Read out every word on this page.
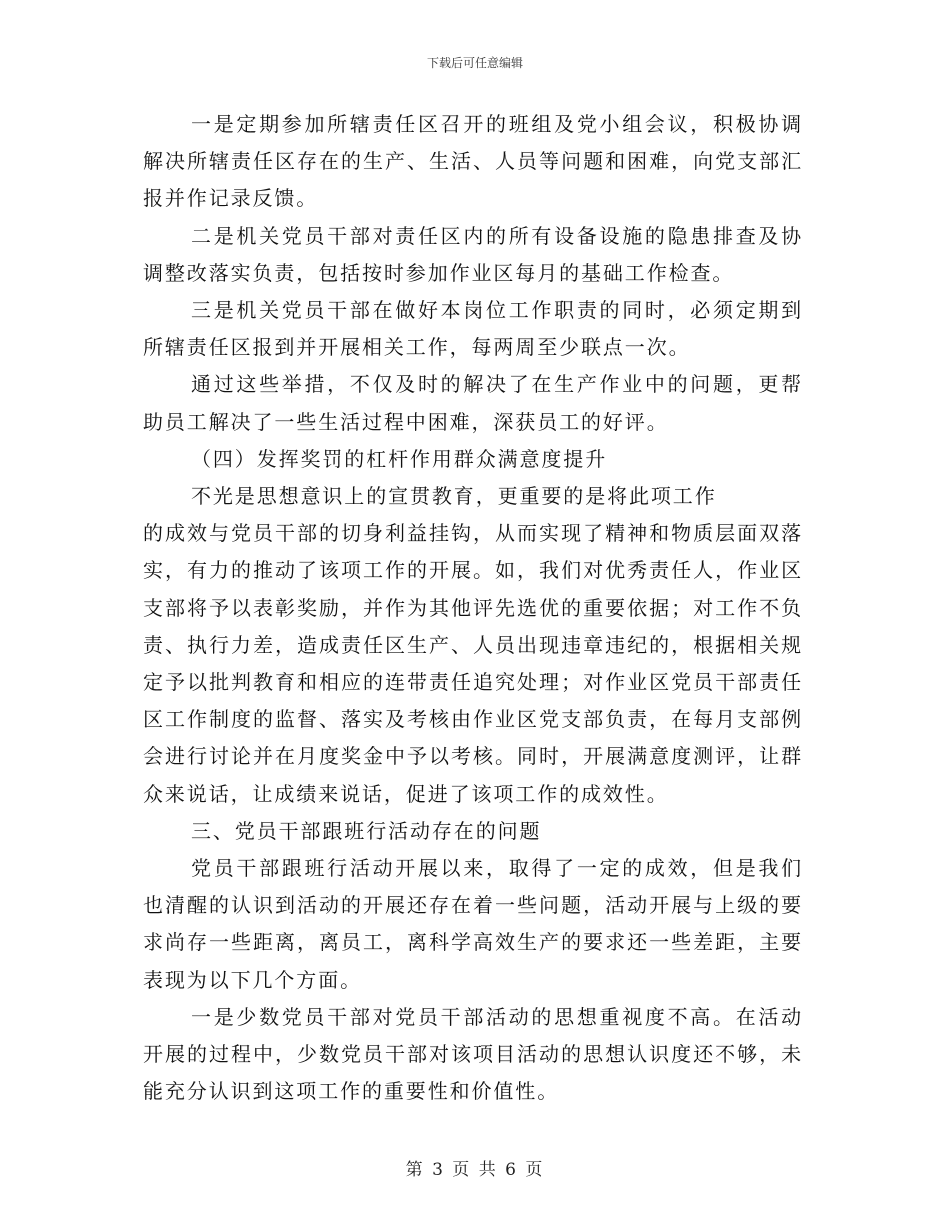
下载后可任意编辑

一是定期参加所辖责任区召开的班组及党小组会议，积极协调解决所辖责任区存在的生产、生活、人员等问题和困难，向党支部汇报并作记录反馈。

二是机关党员干部对责任区内的所有设备设施的隐患排查及协调整改落实负责，包括按时参加作业区每月的基础工作检查。

三是机关党员干部在做好本岗位工作职责的同时，必须定期到所辖责任区报到并开展相关工作，每两周至少联点一次。

通过这些举措，不仅及时的解决了在生产作业中的问题，更帮助员工解决了一些生活过程中困难，深获员工的好评。

（四）发挥奖罚的杠杆作用群众满意度提升

不光是思想意识上的宣贯教育，更重要的是将此项工作

的成效与党员干部的切身利益挂钩，从而实现了精神和物质层面双落实，有力的推动了该项工作的开展。如，我们对优秀责任人，作业区支部将予以表彰奖励，并作为其他评先选优的重要依据；对工作不负责、执行力差，造成责任区生产、人员出现违章违纪的，根据相关规定予以批判教育和相应的连带责任追究处理；对作业区党员干部责任区工作制度的监督、落实及考核由作业区党支部负责，在每月支部例会进行讨论并在月度奖金中予以考核。同时，开展满意度测评，让群众来说话，让成绩来说话，促进了该项工作的成效性。

三、党员干部跟班行活动存在的问题

党员干部跟班行活动开展以来，取得了一定的成效，但是我们也清醒的认识到活动的开展还存在着一些问题，活动开展与上级的要求尚存一些距离，离员工，离科学高效生产的要求还一些差距，主要表现为以下几个方面。

一是少数党员干部对党员干部活动的思想重视度不高。在活动开展的过程中，少数党员干部对该项目活动的思想认识度还不够，未能充分认识到这项工作的重要性和价值性。

第 3 页 共 6 页
